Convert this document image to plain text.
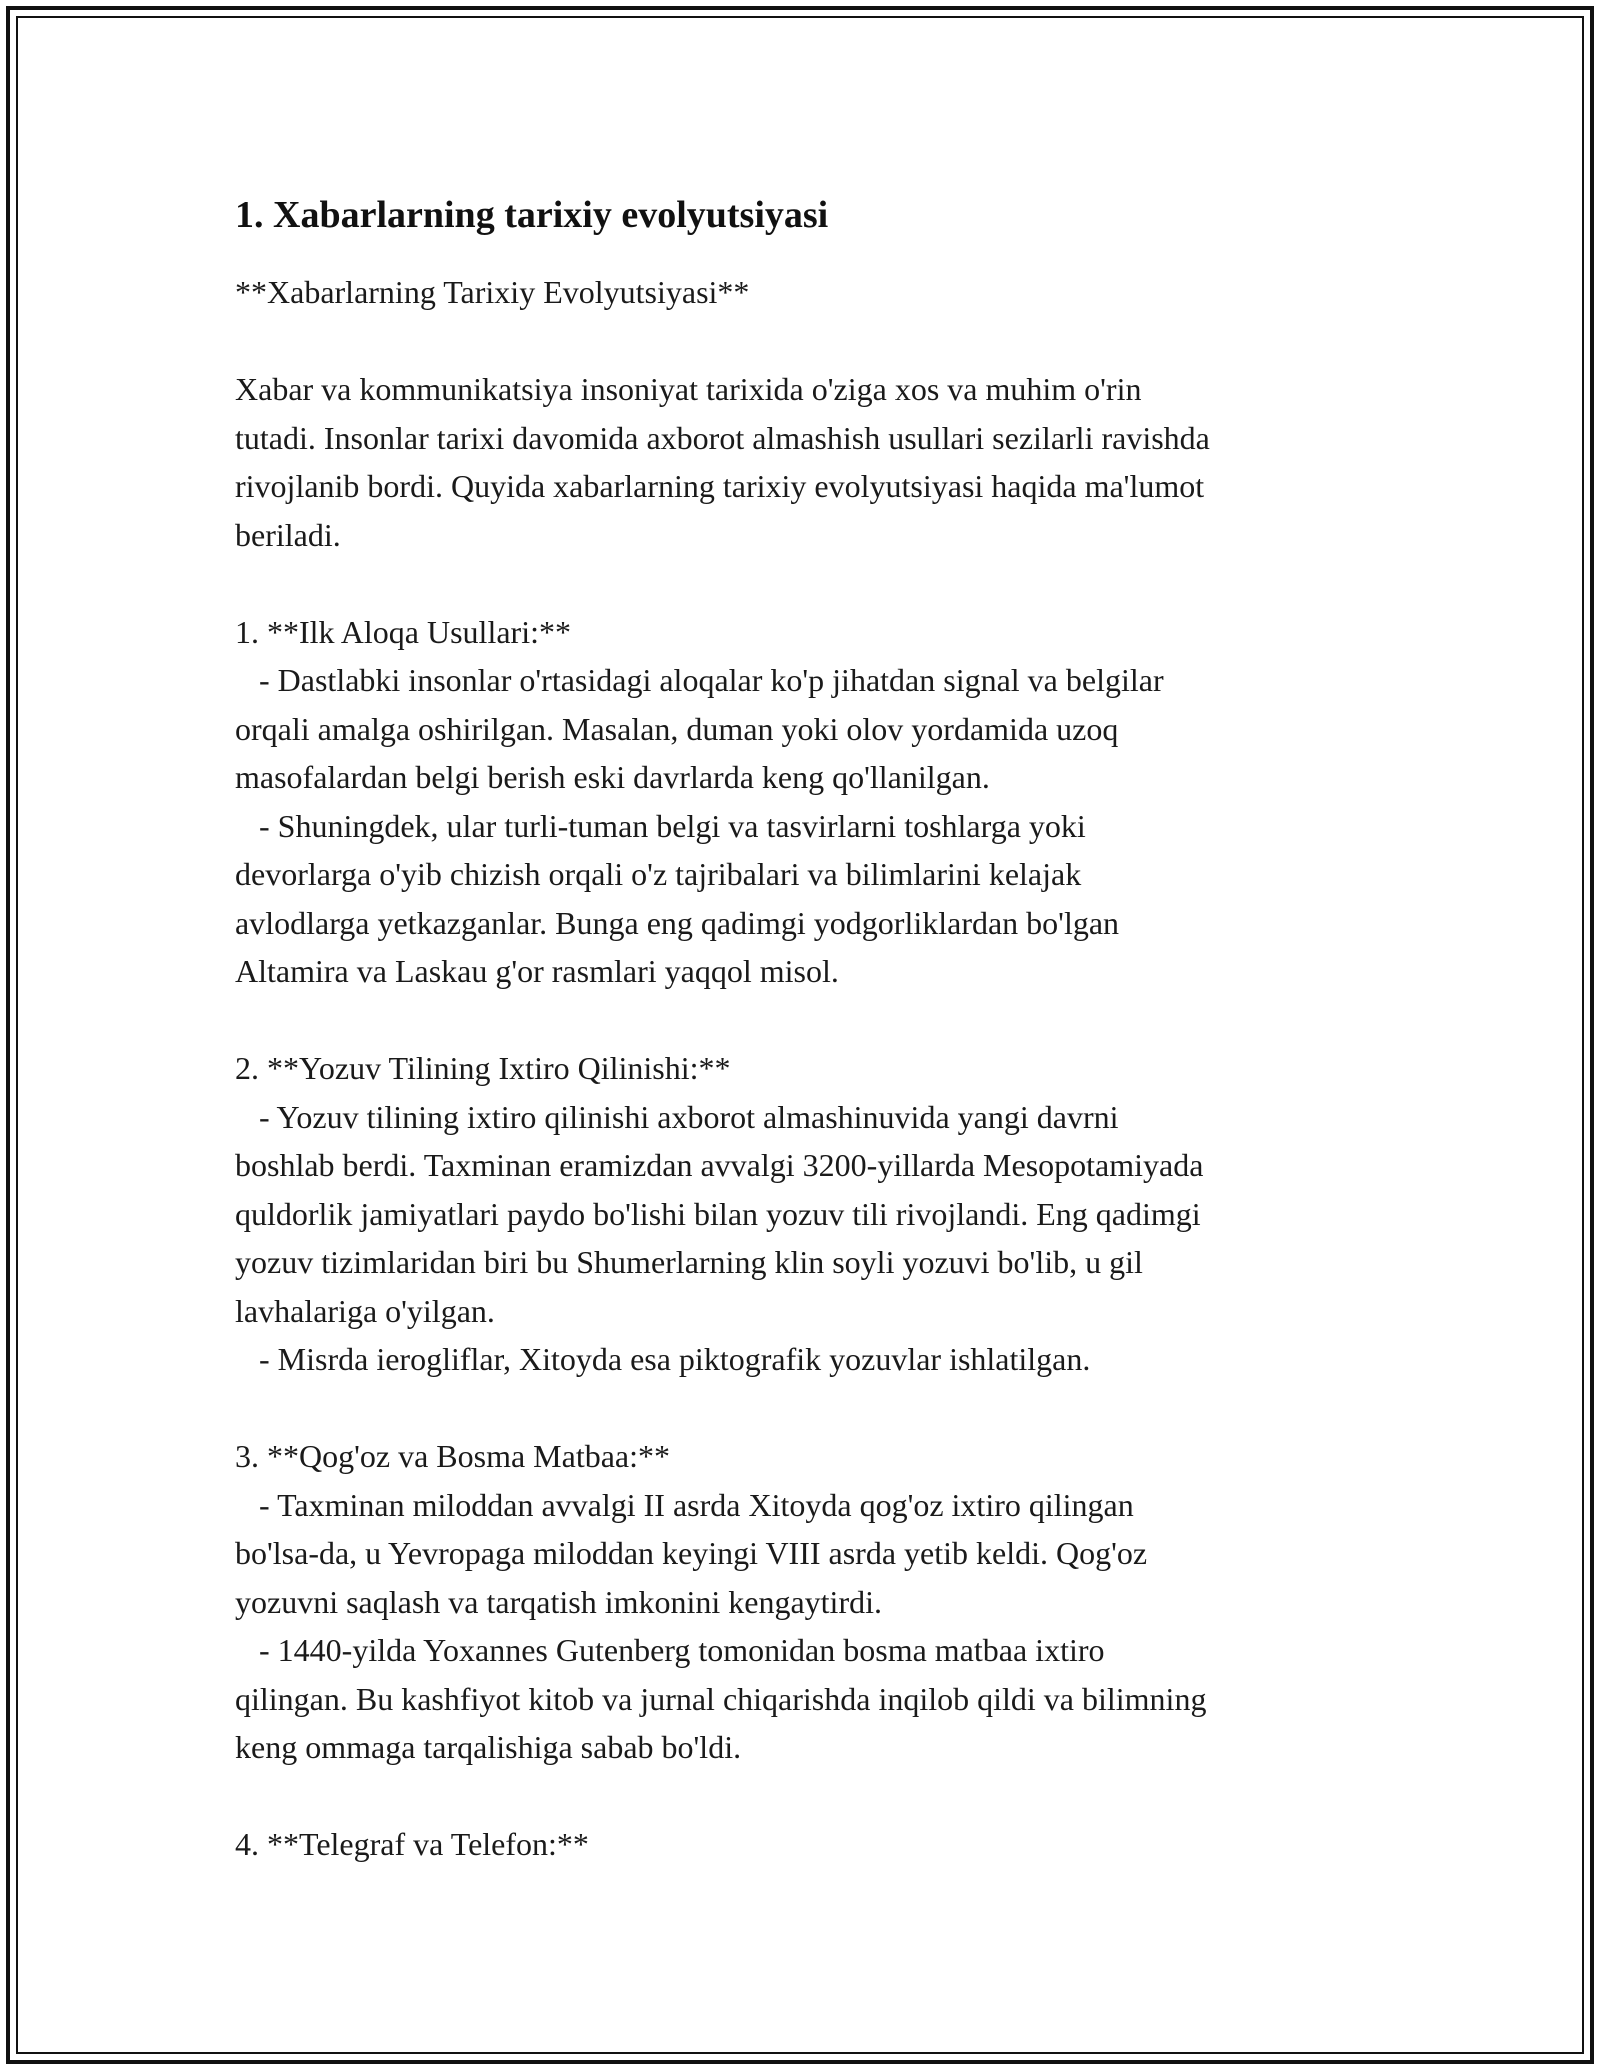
1. Xabarlarning tarixiy evolyutsiyasi

**Xabarlarning Tarixiy Evolyutsiyasi**

Xabar va kommunikatsiya insoniyat tarixida o'ziga xos va muhim o'rin

tutadi. Insonlar tarixi davomida axborot almashish usullari sezilarli ravishda

rivojlanib bordi. Quyida xabarlarning tarixiy evolyutsiyasi haqida ma'lumot

beriladi.

1. **Ilk Aloqa Usullari:**

- Dastlabki insonlar o'rtasidagi aloqalar ko'p jihatdan signal va belgilar

orqali amalga oshirilgan. Masalan, duman yoki olov yordamida uzoq

masofalardan belgi berish eski davrlarda keng qo'llanilgan.

- Shuningdek, ular turli-tuman belgi va tasvirlarni toshlarga yoki

devorlarga o'yib chizish orqali o'z tajribalari va bilimlarini kelajak

avlodlarga yetkazganlar. Bunga eng qadimgi yodgorliklardan bo'lgan

Altamira va Laskau g'or rasmlari yaqqol misol.

2. **Yozuv Tilining Ixtiro Qilinishi:**

- Yozuv tilining ixtiro qilinishi axborot almashinuvida yangi davrni

boshlab berdi. Taxminan eramizdan avvalgi 3200-yillarda Mesopotamiyada

quldorlik jamiyatlari paydo bo'lishi bilan yozuv tili rivojlandi. Eng qadimgi

yozuv tizimlaridan biri bu Shumerlarning klin soyli yozuvi bo'lib, u gil

lavhalariga o'yilgan.

- Misrda ierogliflar, Xitoyda esa piktografik yozuvlar ishlatilgan.

3. **Qog'oz va Bosma Matbaa:**

- Taxminan miloddan avvalgi II asrda Xitoyda qog'oz ixtiro qilingan

bo'lsa-da, u Yevropaga miloddan keyingi VIII asrda yetib keldi. Qog'oz

yozuvni saqlash va tarqatish imkonini kengaytirdi.

- 1440-yilda Yoxannes Gutenberg tomonidan bosma matbaa ixtiro

qilingan. Bu kashfiyot kitob va jurnal chiqarishda inqilob qildi va bilimning

keng ommaga tarqalishiga sabab bo'ldi.

4. **Telegraf va Telefon:**
